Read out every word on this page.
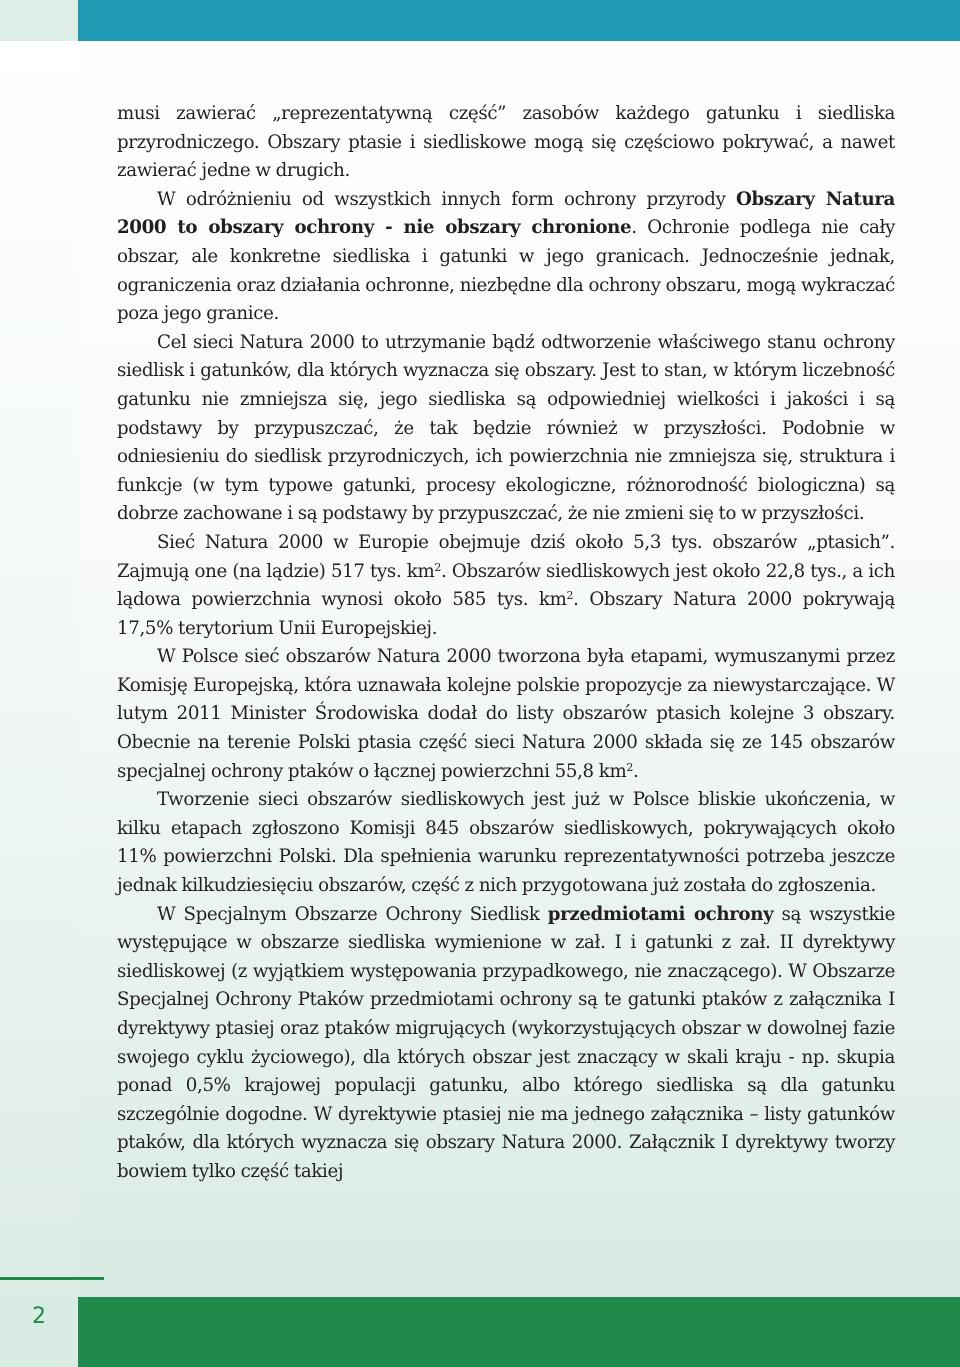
musi zawierać „reprezentatywną część” zasobów każdego gatunku i siedliska przyrodniczego. Obszary ptasie i siedliskowe mogą się częściowo pokrywać, a nawet zawierać jedne w drugich.

W odróżnieniu od wszystkich innych form ochrony przyrody Obszary Natura 2000 to obszary ochrony - nie obszary chronione. Ochronie podlega nie cały obszar, ale konkretne siedliska i gatunki w jego granicach. Jednocześnie jednak, ograniczenia oraz działania ochronne, niezbędne dla ochrony obszaru, mogą wykraczać poza jego granice.

Cel sieci Natura 2000 to utrzymanie bądź odtworzenie właściwego stanu ochrony siedlisk i gatunków, dla których wyznacza się obszary. Jest to stan, w którym liczebność gatunku nie zmniejsza się, jego siedliska są odpowiedniej wielkości i jakości i są podstawy by przypuszczać, że tak będzie również w przyszłości. Podobnie w odniesieniu do siedlisk przyrodniczych, ich powierzchnia nie zmniejsza się, struktura i funkcje (w tym typowe gatunki, procesy ekologiczne, różnorodność biologiczna) są dobrze zachowane i są podstawy by przypuszczać, że nie zmieni się to w przyszłości.

Sieć Natura 2000 w Europie obejmuje dziś około 5,3 tys. obszarów „ptasich”. Zajmują one (na lądzie) 517 tys. $km^2$. Obszarów siedliskowych jest około 22,8 tys., a ich lądowa powierzchnia wynosi około 585 tys. $km^2$. Obszary Natura 2000 pokrywają 17,5% terytorium Unii Europejskiej.

W Polsce sieć obszarów Natura 2000 tworzona była etapami, wymuszanymi przez Komisję Europejską, która uznawała kolejne polskie propozycje za niewystarczające. W lutym 2011 Minister Środowiska dodał do listy obszarów ptasich kolejne 3 obszary. Obecnie na terenie Polski ptasia część sieci Natura 2000 składa się ze 145 obszarów specjalnej ochrony ptaków o łącznej powierzchni 55,8 $km^2$.

Tworzenie sieci obszarów siedliskowych jest już w Polsce bliskie ukończenia, w kilku etapach zgłoszono Komisji 845 obszarów siedliskowych, pokrywających około 11% powierzchni Polski. Dla spełnienia warunku reprezentatywności potrzeba jeszcze jednak kilkudziesięciu obszarów, część z nich przygotowana już została do zgłoszenia.

W Specjalnym Obszarze Ochrony Siedlisk przedmiotami ochrony są wszystkie występujące w obszarze siedliska wymienione w zał. I i gatunki z zał. II dyrektywy siedliskowej (z wyjątkiem występowania przypadkowego, nie znaczącego). W Obszarze Specjalnej Ochrony Ptaków przedmiotami ochrony są te gatunki ptaków z załącznika I dyrektywy ptasiej oraz ptaków migrujących (wykorzystujących obszar w dowolnej fazie swojego cyklu życiowego), dla których obszar jest znaczący w skali kraju - np. skupia ponad 0,5% krajowej populacji gatunku, albo którego siedliska są dla gatunku szczególnie dogodne. W dyrektywie ptasiej nie ma jednego załącznika – listy gatunków ptaków, dla których wyznacza się obszary Natura 2000. Załącznik I dyrektywy tworzy bowiem tylko część takiej

2
